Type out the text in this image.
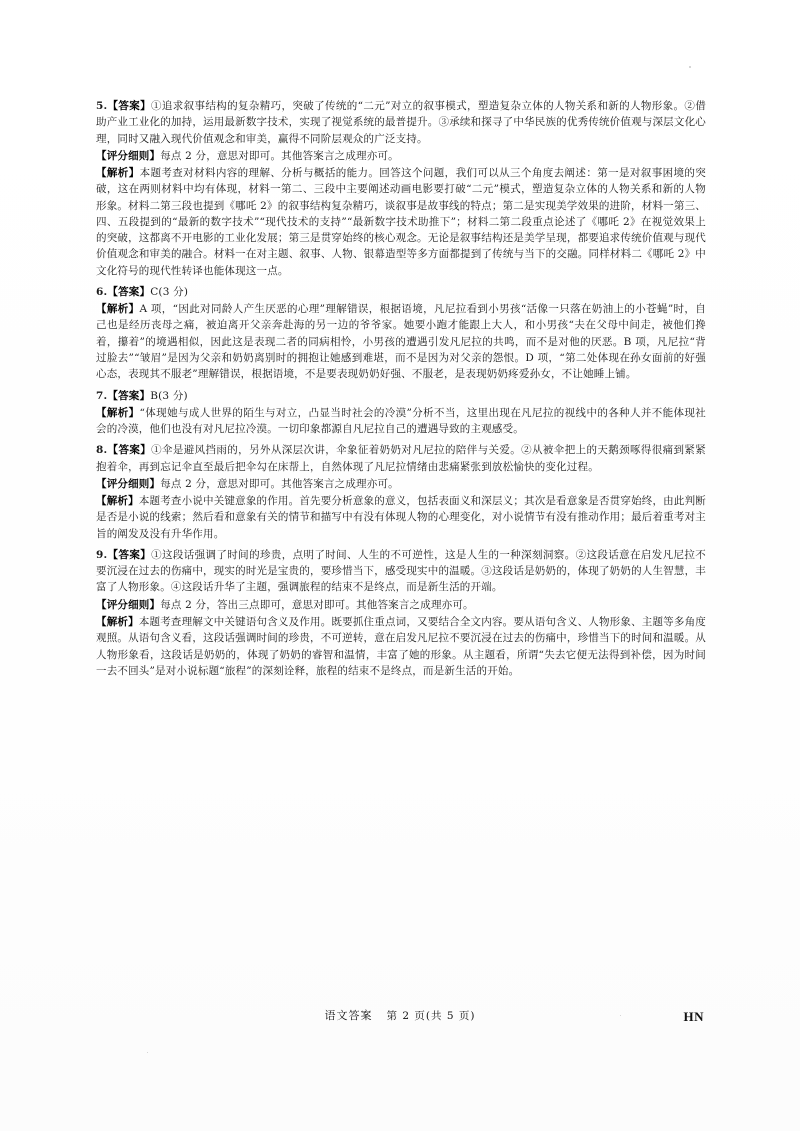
5.【答案】①追求叙事结构的复杂精巧，突破了传统的“二元”对立的叙事模式，塑造复杂立体的人物关系和新的人物形象。②借助产业工业化的加持，运用最新数字技术，实现了视觉系统的最普提升。③承续和探寻了中华民族的优秀传统价值观与深层文化心理，同时又融入现代价值观念和审美，赢得不同阶层观众的广泛支持。
【评分细则】每点 2 分，意思对即可。其他答案言之成理亦可。
【解析】本题考查对材料内容的理解、分析与概括的能力。回答这个问题，我们可以从三个角度去阐述：第一是对叙事困境的突破，这在两则材料中均有体现，材料一第二、三段中主要阐述动画电影要打破“二元”模式，塑造复杂立体的人物关系和新的人物形象。材料二第三段也提到《哪吒 2》的叙事结构复杂精巧，谈叙事是故事线的特点；第二是实现美学效果的进阶，材料一第三、四、五段提到的“最新的数字技术”“现代技术的支持”“最新数字技术助推下”；材料二第二段重点论述了《哪吒 2》在视觉效果上的突破，这都离不开电影的工业化发展；第三是贯穿始终的核心观念。无论是叙事结构还是美学呈现，都要追求传统价值观与现代价值观念和审美的融合。材料一在对主题、叙事、人物、银幕造型等多方面都提到了传统与当下的交融。同样材料二《哪吒 2》中文化符号的现代性转译也能体现这一点。
6.【答案】C(3 分)
【解析】A 项，“因此对同龄人产生厌恶的心理”理解错误，根据语境，凡尼拉看到小男孩“活像一只落在奶油上的小苍蝇”时，自己也是经历丧母之痛，被迫离开父亲奔赴海的另一边的爷爷家。她要小跑才能跟上大人，和小男孩“夫在父母中间走，被他们搀着，攥着”的境遇相似，因此这是表现二者的同病相怜，小男孩的遭遇引发凡尼拉的共鸣，而不是对他的厌恶。B 项，凡尼拉“背过脸去”“皱眉”是因为父亲和奶奶离别时的拥抱让她感到难堪，而不是因为对父亲的怨恨。D 项，“第二处体现在孙女面前的好强心态，表现其不服老”理解错误，根据语境，不是要表现奶奶好强、不服老，是表现奶奶疼爱孙女，不让她睡上铺。
7.【答案】B(3 分)
【解析】“体现她与成人世界的陌生与对立，凸显当时社会的冷漠”分析不当，这里出现在凡尼拉的视线中的各种人并不能体现社会的冷漠，他们也没有对凡尼拉冷漠。一切印象都源自凡尼拉自己的遭遇导致的主观感受。
8.【答案】①伞是避风挡雨的，另外从深层次讲，伞象征着奶奶对凡尼拉的陪伴与关爱。②从被伞把上的天鹅颈啄得很痛到紧紧抱着伞，再到忘记伞直至最后把伞勾在床帮上，自然体现了凡尼拉情绪由悲痛紧张到放松愉快的变化过程。
【评分细则】每点 2 分，意思对即可。其他答案言之成理亦可。
【解析】本题考查小说中关键意象的作用。首先要分析意象的意义，包括表面义和深层义；其次是看意象是否贯穿始终，由此判断是否是小说的线索；然后看和意象有关的情节和描写中有没有体现人物的心理变化，对小说情节有没有推动作用；最后着重考对主旨的阐发及没有升华作用。
9.【答案】①这段话强调了时间的珍贵，点明了时间、人生的不可逆性，这是人生的一种深刻洞察。②这段话意在启发凡尼拉不要沉浸在过去的伤痛中，现实的时光是宝贵的，要珍惜当下，感受现实中的温暖。③这段话是奶奶的，体现了奶奶的人生智慧，丰富了人物形象。④这段话升华了主题，强调旅程的结束不是终点，而是新生活的开端。
【评分细则】每点 2 分，答出三点即可，意思对即可。其他答案言之成理亦可。
【解析】本题考查理解文中关键语句含义及作用。既要抓住重点词，又要结合全文内容。要从语句含义、人物形象、主题等多角度观照。从语句含义看，这段话强调时间的珍贵，不可逆转，意在启发凡尼拉不要沉浸在过去的伤痛中，珍惜当下的时间和温暖。从人物形象看，这段话是奶奶的，体现了奶奶的睿智和温情，丰富了她的形象。从主题看，所谓“失去它便无法得到补偿，因为时间一去不回头”是对小说标题“旅程”的深刻诠释，旅程的结束不是终点，而是新生活的开始。
语文答案 第 2 页(共 5 页)	HN
